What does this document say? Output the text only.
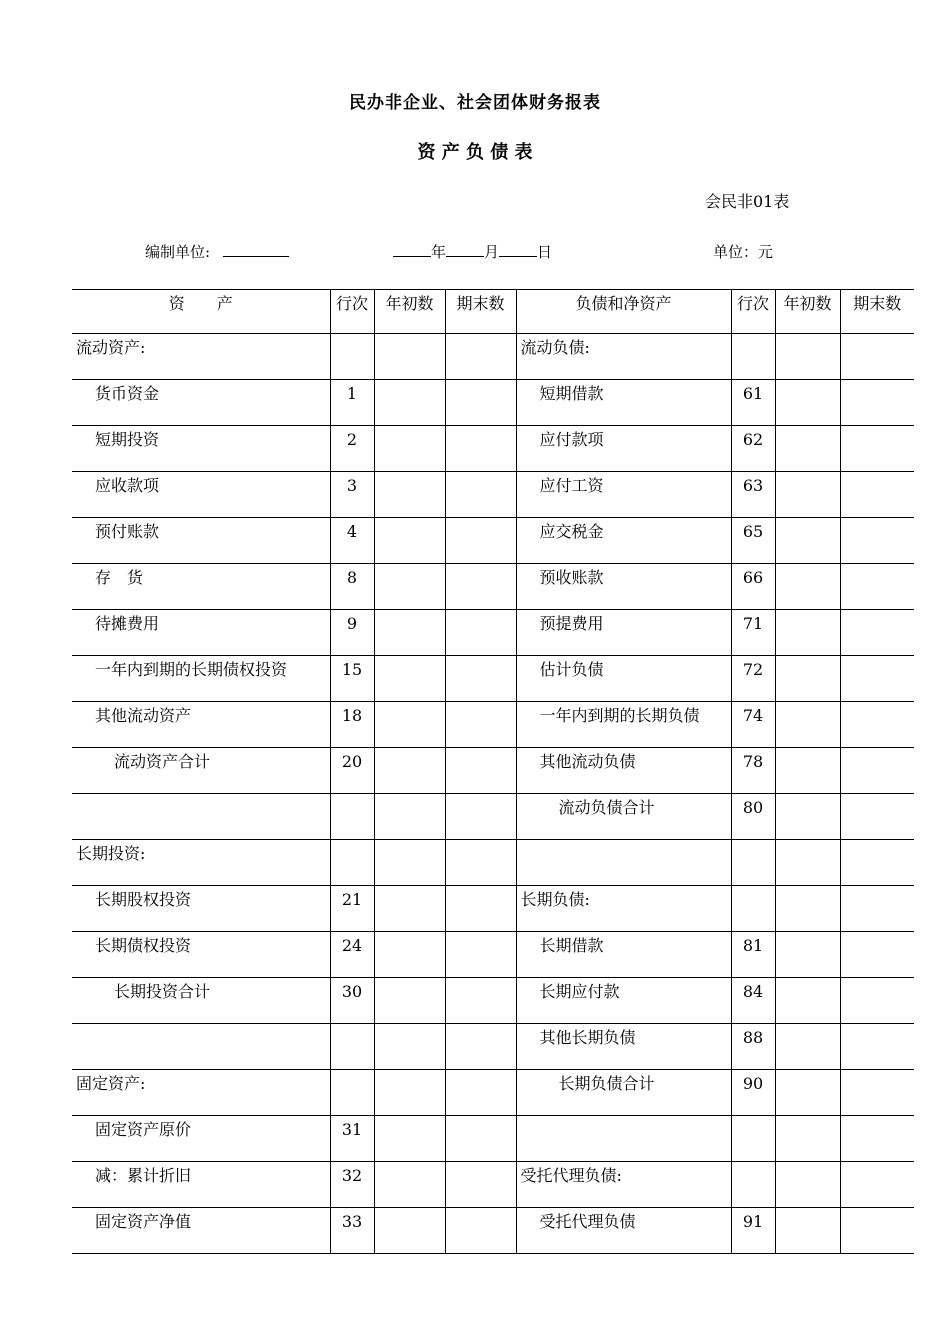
民办非企业、社会团体财务报表
资 产 负 债 表
会民非01表
编制单位:	年	月	日	单位：元
资　　产	行次	年初数	期末数	负债和净资产	行次	年初数	期末数
流动资产:				流动负债:			
货币资金	1			短期借款	61		
短期投资	2			应付款项	62		
应收款项	3			应付工资	63		
预付账款	4			应交税金	65		
存　货	8			预收账款	66		
待摊费用	9			预提费用	71		
一年内到期的长期债权投资	15			估计负债	72		
其他流动资产	18			一年内到期的长期负债	74		
流动资产合计	20			其他流动负债	78		
				流动负债合计	80		
长期投资:							
长期股权投资	21			长期负债:			
长期债权投资	24			长期借款	81		
长期投资合计	30			长期应付款	84		
				其他长期负债	88		
固定资产:				长期负债合计	90		
固定资产原价	31						
减：累计折旧	32			受托代理负债:			
固定资产净值	33			受托代理负债	91		
